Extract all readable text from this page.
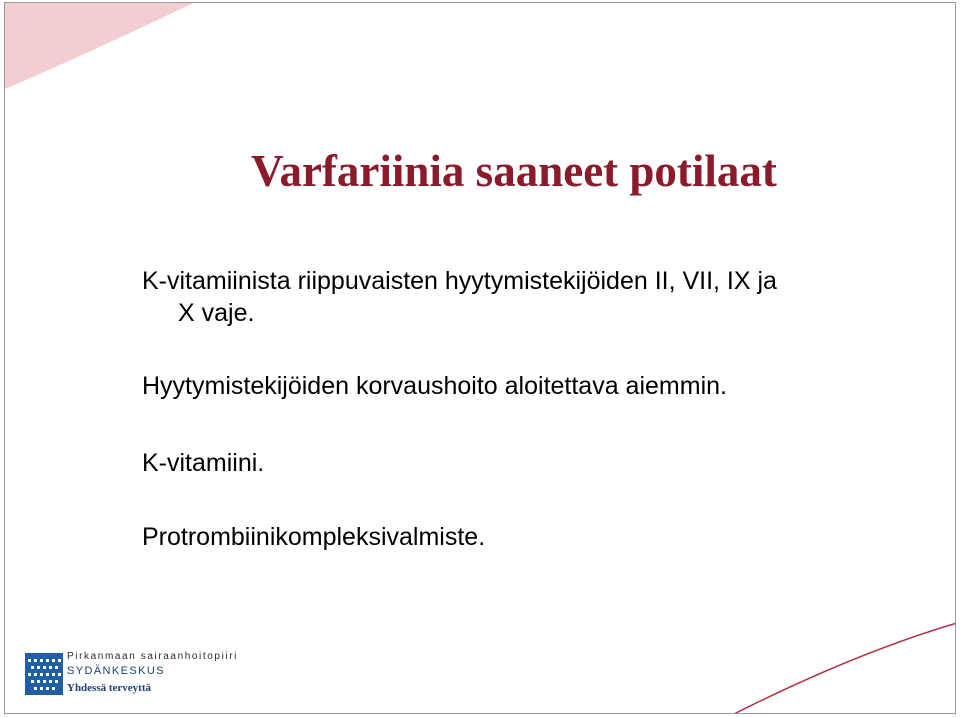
Varfariinia saaneet potilaat

K-vitamiinista riippuvaisten hyytymistekijöiden II, VII, IX ja
X vaje.

Hyytymistekijöiden korvaushoito aloitettava aiemmin.

K-vitamiini.

Protrombiinikompleksivalmiste.

Pirkanmaan sairaanhoitopiiri
SYDÄNKESKUS
Yhdessä terveyttä
